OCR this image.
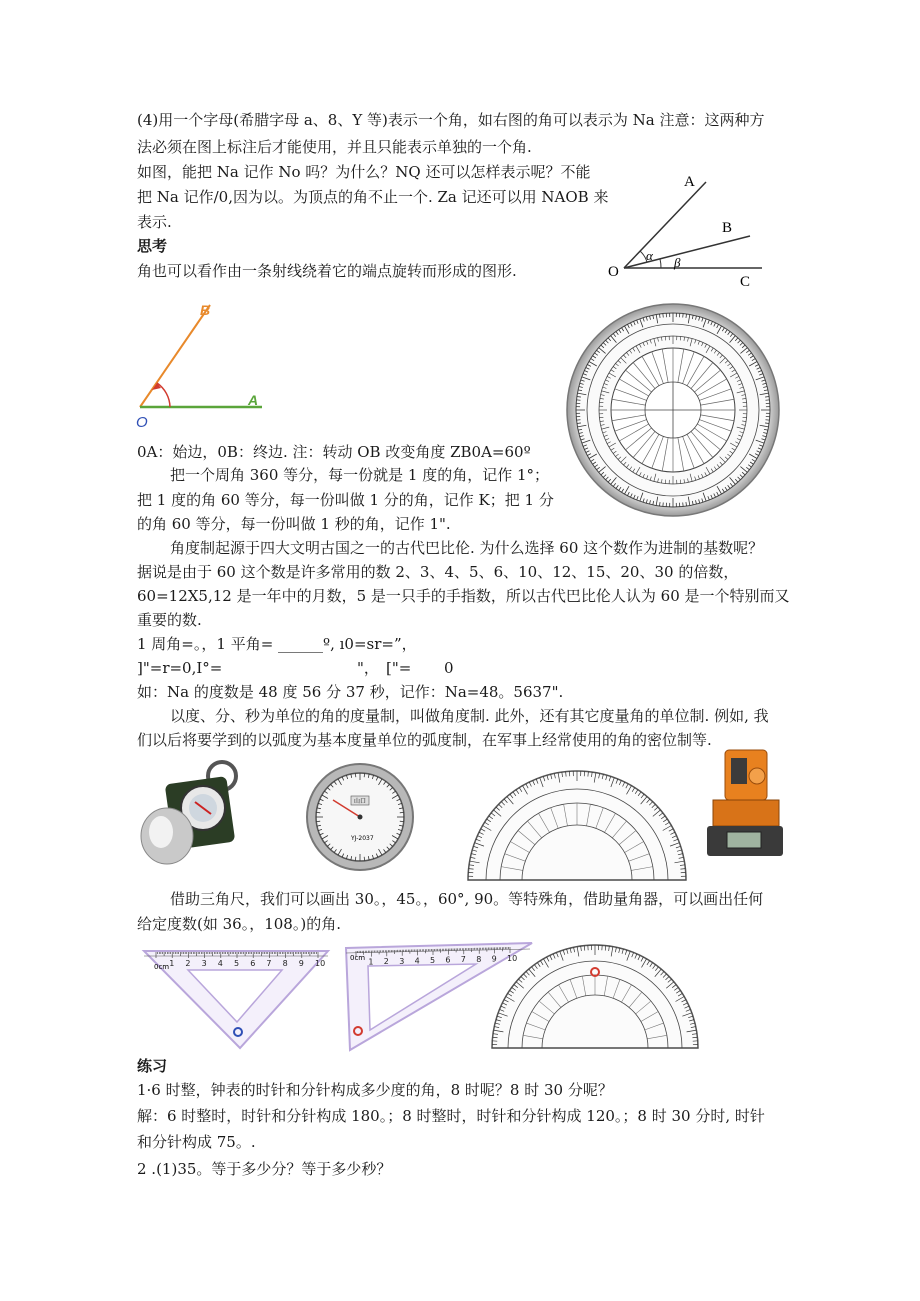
(4)用一个字母(希腊字母 a、8、Y 等)表示一个角，如右图的角可以表示为 Na 注意：这两种方
法必须在图上标注后才能使用，并且只能表示单独的一个角.
如图，能把 Na 记作 No 吗？为什么？NQ 还可以怎样表示呢？不能
把 Na 记作/0,因为以。为顶点的角不止一个. Za 记还可以用 NAOB 来
表示.
A
B
C
O
α β
思考
角也可以看作由一条射线绕着它的端点旋转而形成的图形.
B
A
O
0A：始边，0B：终边. 注：转动 OB 改变角度 ZB0A=60º
把一个周角 360 等分，每一份就是 1 度的角，记作 1°；
把 1 度的角 60 等分，每一份叫做 1 分的角，记作 K；把 1 分
的角 60 等分，每一份叫做 1 秒的角，记作 1".
角度制起源于四大文明古国之一的古代巴比伦. 为什么选择 60 这个数作为进制的基数呢？
据说是由于 60 这个数是许多常用的数 2、3、4、5、6、10、12、15、20、30 的倍数，
60=12X5,12 是一年中的月数，5 是一只手的手指数，所以古代巴比伦人认为 60 是一个特别而又
重要的数.
1 周角=。，1 平角= ______º, ı0=sr=”，
]"=r=0,I°=	"， ["= 0
如：Na 的度数是 48 度 56 分 37 秒，记作：Na=48。5637".
以度、分、秒为单位的角的度量制，叫做角度制. 此外，还有其它度量角的单位制. 例如, 我
们以后将要学到的以弧度为基本度量单位的弧度制，在军事上经常使用的角的密位制等.
山口
YJ-2037
借助三角尺，我们可以画出 30。，45。，60°, 90。等特殊角，借助量角器，可以画出任何
给定度数(如 36。，108。)的角.
0cm 1 2 3 4 5 6 7 8 9 10
0cm 1 2 3 4 5 6 7 8 9 10
练习
1·6 时整，钟表的时针和分针构成多少度的角，8 时呢？8 时 30 分呢？
解：6 时整时，时针和分针构成 180。；8 时整时，时针和分针构成 120。；8 时 30 分时, 时针
和分针构成 75。.
2 .(1)35。等于多少分？等于多少秒？
